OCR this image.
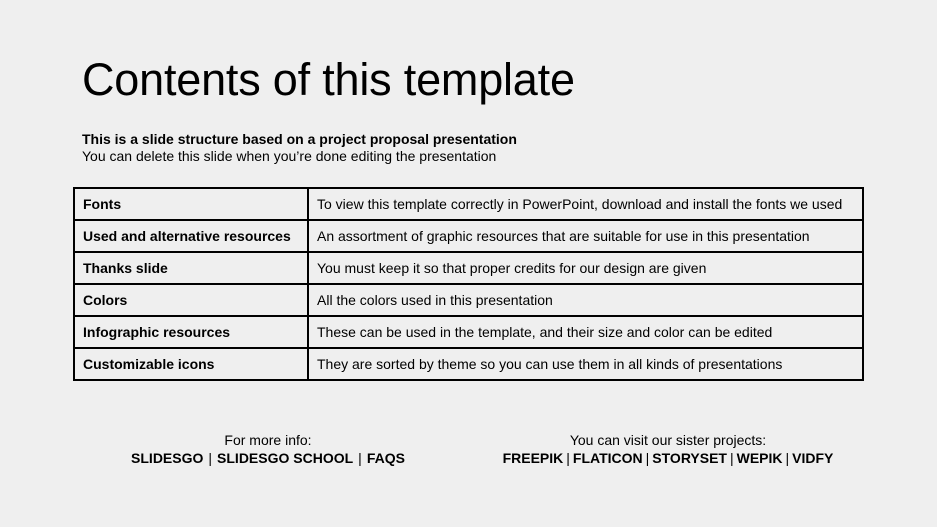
Contents of this template
This is a slide structure based on a project proposal presentation
You can delete this slide when you’re done editing the presentation
Fonts	To view this template correctly in PowerPoint, download and install the fonts we used
Used and alternative resources	An assortment of graphic resources that are suitable for use in this presentation
Thanks slide	You must keep it so that proper credits for our design are given
Colors	All the colors used in this presentation
Infographic resources	These can be used in the template, and their size and color can be edited
Customizable icons	They are sorted by theme so you can use them in all kinds of presentations
For more info:
SLIDESGO | SLIDESGO SCHOOL | FAQS
You can visit our sister projects:
FREEPIK | FLATICON | STORYSET | WEPIK | VIDFY
